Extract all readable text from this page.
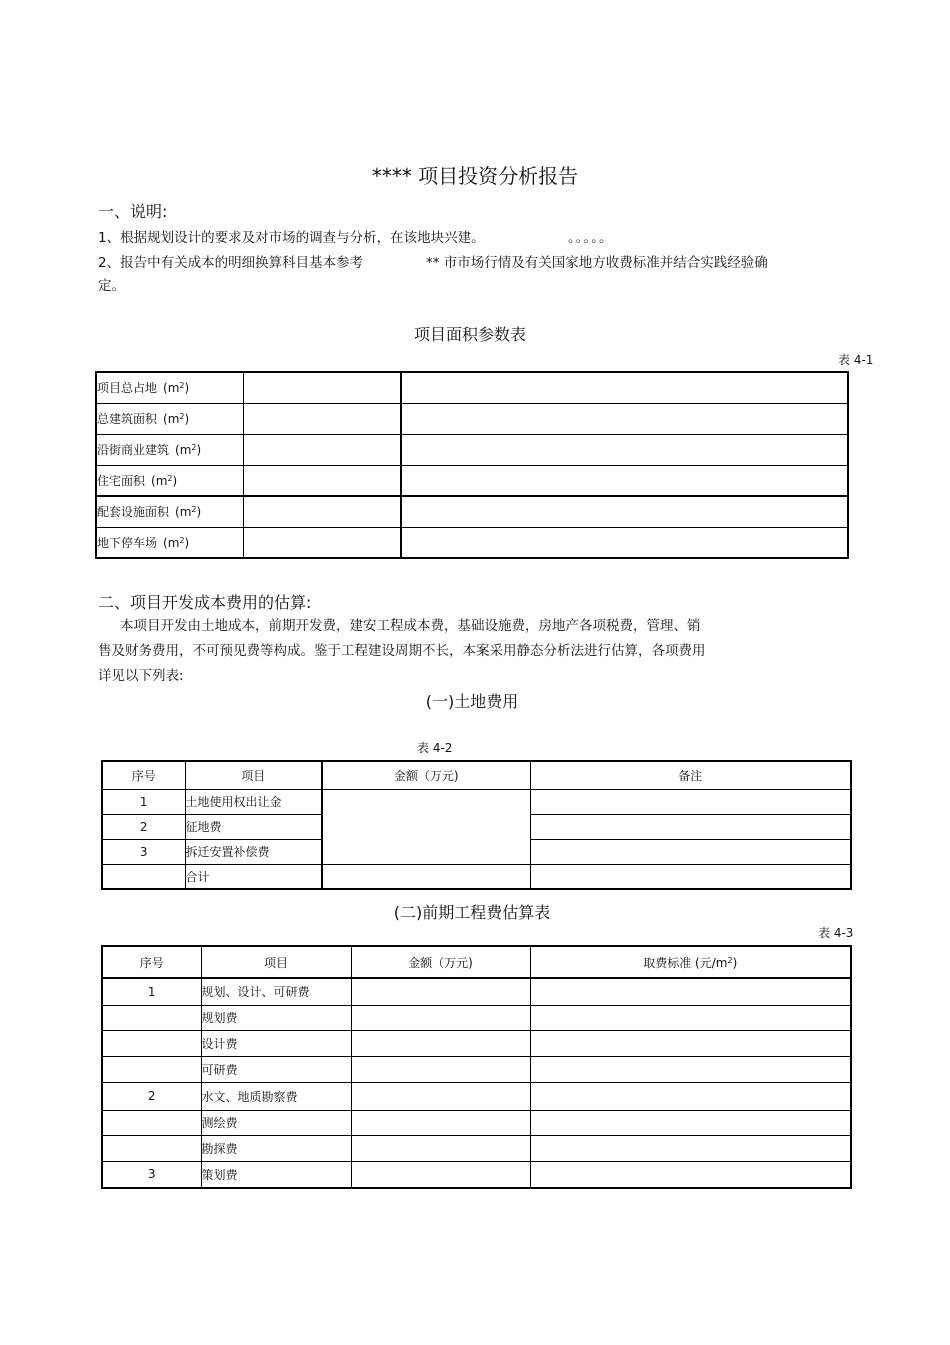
**** 项目投资分析报告
一、说明:
1、根据规划设计的要求及对市场的调查与分析，在该地块兴建。	。。。。。
2、报告中有关成本的明细换算科目基本参考	** 市市场行情及有关国家地方收费标准并结合实践经验确
定。
项目面积参数表
表 4-1
项目总占地 $(m^2)$		
总建筑面积 $(m^2)$		
沿街商业建筑 $(m^2)$		
住宅面积 $(m^2)$		
配套设施面积 $(m^2)$		
地下停车场 $(m^2)$		
二、项目开发成本费用的估算:
本项目开发由土地成本，前期开发费，建安工程成本费，基础设施费，房地产各项税费，管理、销
售及财务费用，不可预见费等构成。鉴于工程建设周期不长，本案采用静态分析法进行估算，各项费用
详见以下列表:
(一)土地费用
表 4-2
序号	项目	金额（万元)	备注
1	土地使用权出让金		
2	征地费		
3	拆迁安置补偿费		
	合计		
(二)前期工程费估算表
表 4-3
序号	项目	金额（万元)	取费标准 (元$/m^2$)
1	规划、设计、可研费		
	规划费		
	设计费		
	可研费		
2	水文、地质勘察费		
	测绘费		
	勘探费		
3	策划费		
